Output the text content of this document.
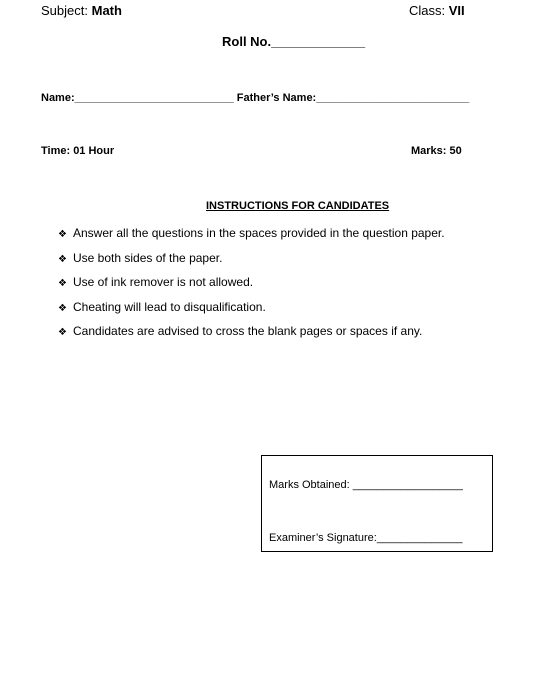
Subject: Math	Class: VII
Roll No._____________
Name:__________________________ Father’s Name:_________________________
Time: 01 Hour	Marks: 50
INSTRUCTIONS FOR CANDIDATES
❖ Answer all the questions in the spaces provided in the question paper.
❖ Use both sides of the paper.
❖ Use of ink remover is not allowed.
❖ Cheating will lead to disqualification.
❖ Candidates are advised to cross the blank pages or spaces if any.
Marks Obtained: __________________
Examiner’s Signature:______________
